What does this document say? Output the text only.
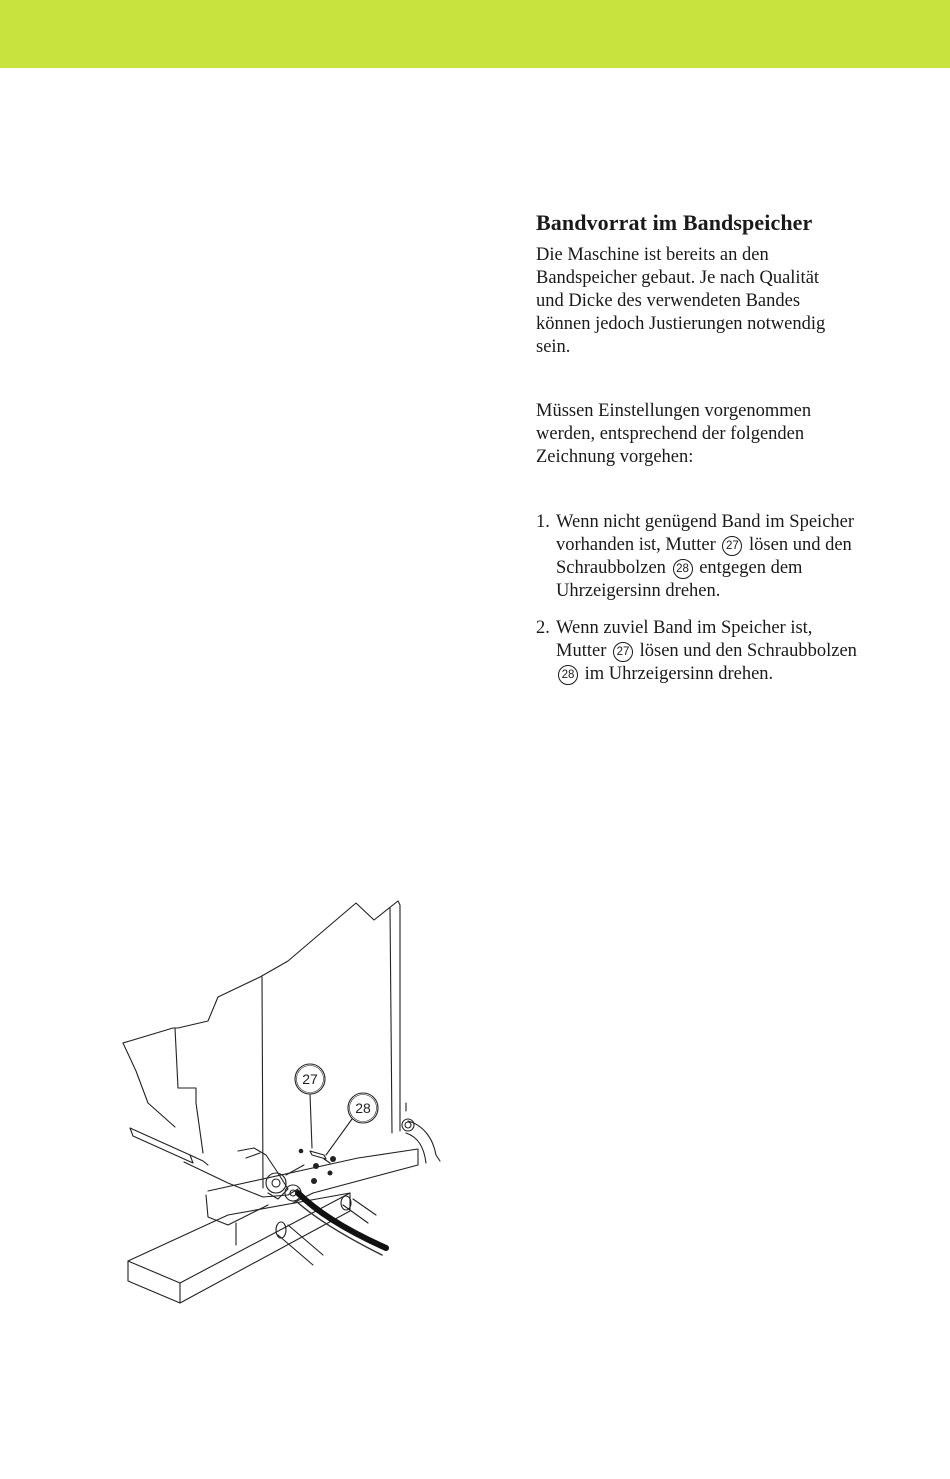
Bandvorrat im Bandspeicher

Die Maschine ist bereits an den Bandspeicher gebaut. Je nach Qualität und Dicke des verwendeten Bandes können jedoch Justierungen notwendig sein.

Müssen Einstellungen vorgenommen werden, entsprechend der folgenden Zeichnung vorgehen:

1. Wenn nicht genügend Band im Speicher vorhanden ist, Mutter 27 lösen und den Schraubbolzen 28 entgegen dem Uhrzeigersinn drehen.
2. Wenn zuviel Band im Speicher ist, Mutter 27 lösen und den Schraubbolzen 28 im Uhrzeigersinn drehen.
27
28
